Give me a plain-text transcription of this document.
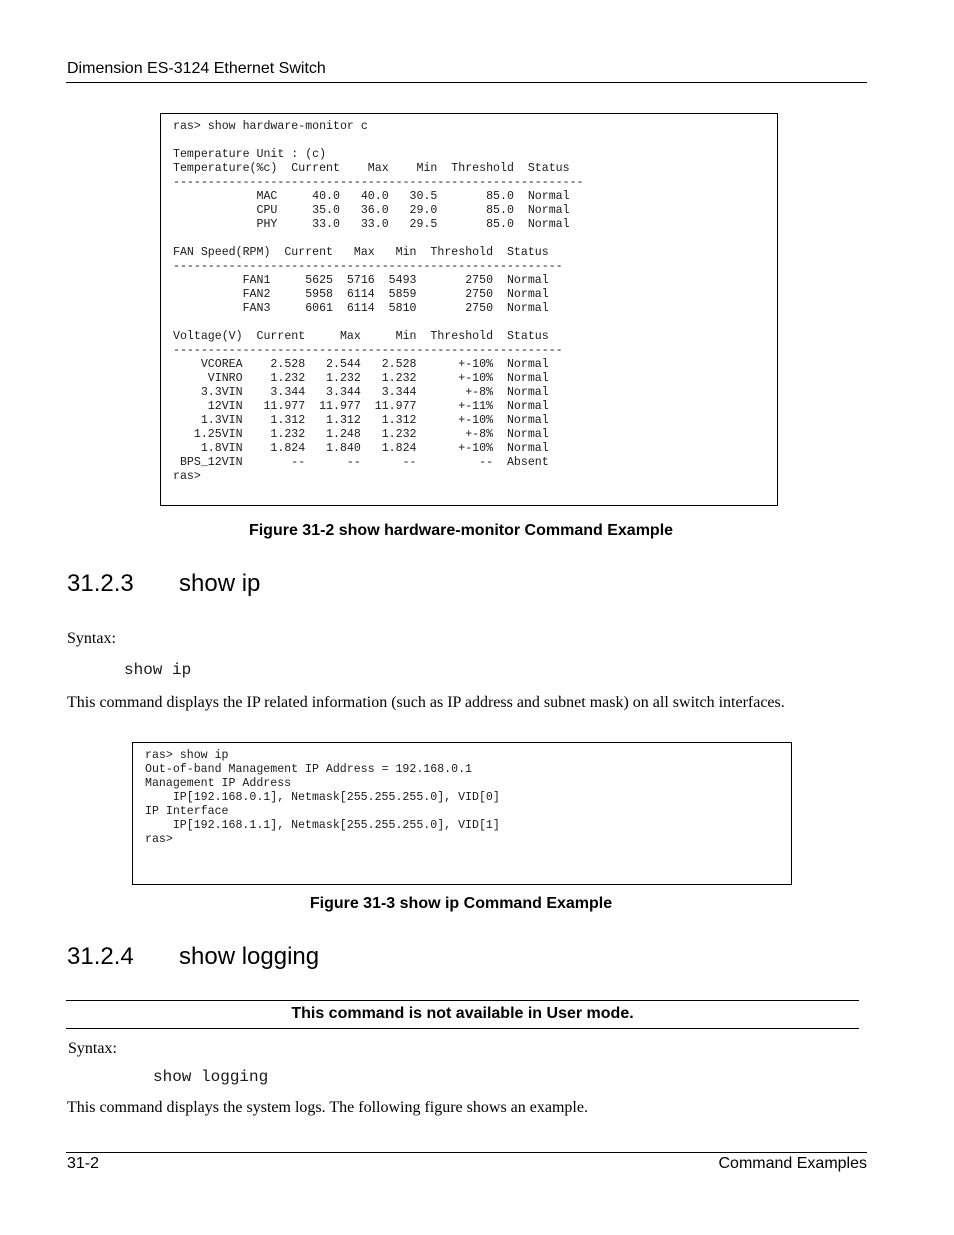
Dimension ES-3124 Ethernet Switch
ras> show hardware-monitor c

Temperature Unit : (c)
Temperature(%c)  Current    Max    Min  Threshold  Status
-----------------------------------------------------------
MAC     40.0   40.0   30.5       85.0  Normal
CPU     35.0   36.0   29.0       85.0  Normal
PHY     33.0   33.0   29.5       85.0  Normal

FAN Speed(RPM)  Current   Max   Min  Threshold  Status
--------------------------------------------------------
FAN1     5625  5716  5493       2750  Normal
FAN2     5958  6114  5859       2750  Normal
FAN3     6061  6114  5810       2750  Normal

Voltage(V)  Current     Max     Min  Threshold  Status
--------------------------------------------------------
VCOREA    2.528   2.544   2.528      +-10%  Normal
VINRO    1.232   1.232   1.232      +-10%  Normal
3.3VIN    3.344   3.344   3.344       +-8%  Normal
12VIN   11.977  11.977  11.977      +-11%  Normal
1.3VIN    1.312   1.312   1.312      +-10%  Normal
1.25VIN    1.232   1.248   1.232       +-8%  Normal
1.8VIN    1.824   1.840   1.824      +-10%  Normal
BPS_12VIN       --      --      --         --  Absent
ras>

Figure 31-2 show hardware-monitor Command Example
31.2.3 show ip
Syntax:
show ip
This command displays the IP related information (such as IP address and subnet mask) on all switch interfaces.
ras> show ip
Out-of-band Management IP Address = 192.168.0.1
Management IP Address
IP[192.168.0.1], Netmask[255.255.255.0], VID[0]
IP Interface
IP[192.168.1.1], Netmask[255.255.255.0], VID[1]
ras>

Figure 31-3 show ip Command Example
31.2.4 show logging
This command is not available in User mode.
Syntax:
show logging
This command displays the system logs. The following figure shows an example.
31-2	Command Examples
